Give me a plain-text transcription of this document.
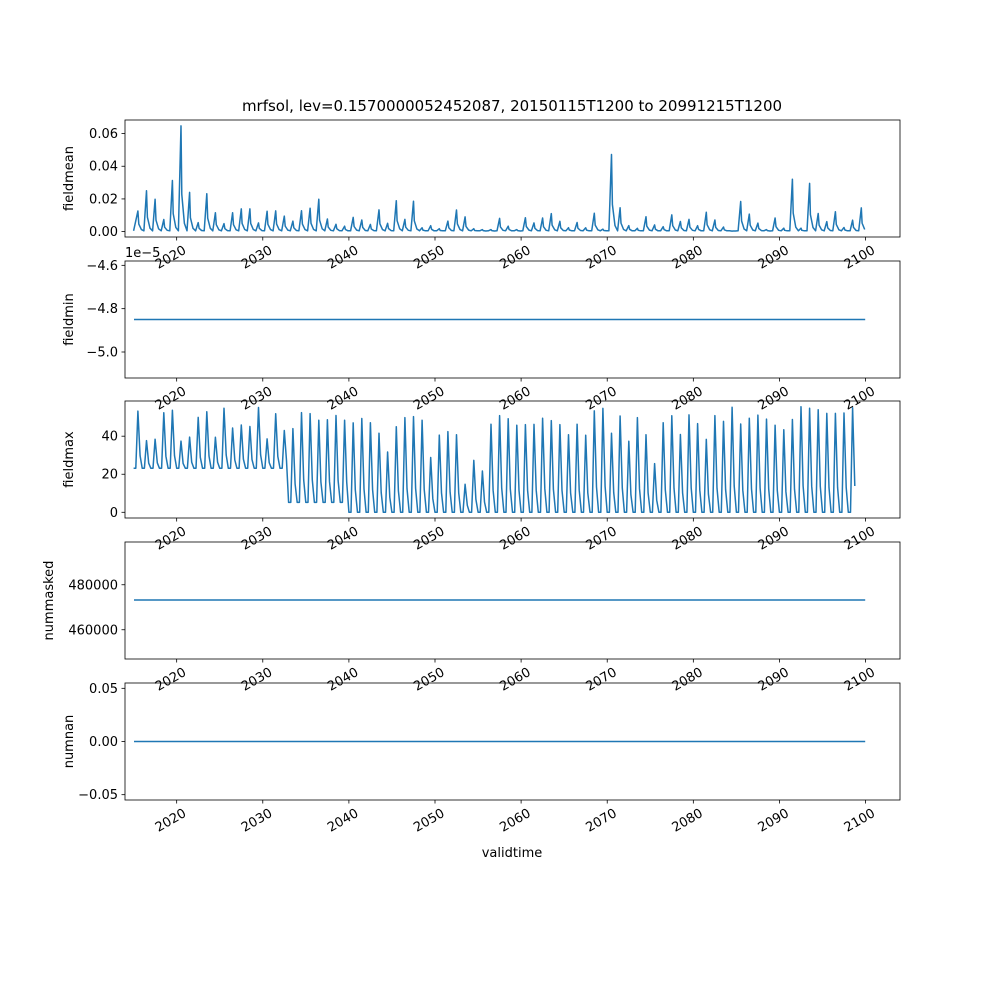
mrfsol, lev=0.1570000052452087, 20150115T1200 to 20991215T1200
validtime
0.00
0.02
0.04
0.06
fieldmean
2020	2030	2040	2050	2060	2070	2080	2090	2100
−4.6
−4.8
−5.0
fieldmin
1e−5
2020	2030	2040	2050	2060	2070	2080	2090	2100
0
20
40
fieldmax
2020	2030	2040	2050	2060	2070	2080	2090	2100
460000
480000
nummasked
2020	2030	2040	2050	2060	2070	2080	2090	2100
0.05
0.00
−0.05
numnan
2020	2030	2040	2050	2060	2070	2080	2090	2100
